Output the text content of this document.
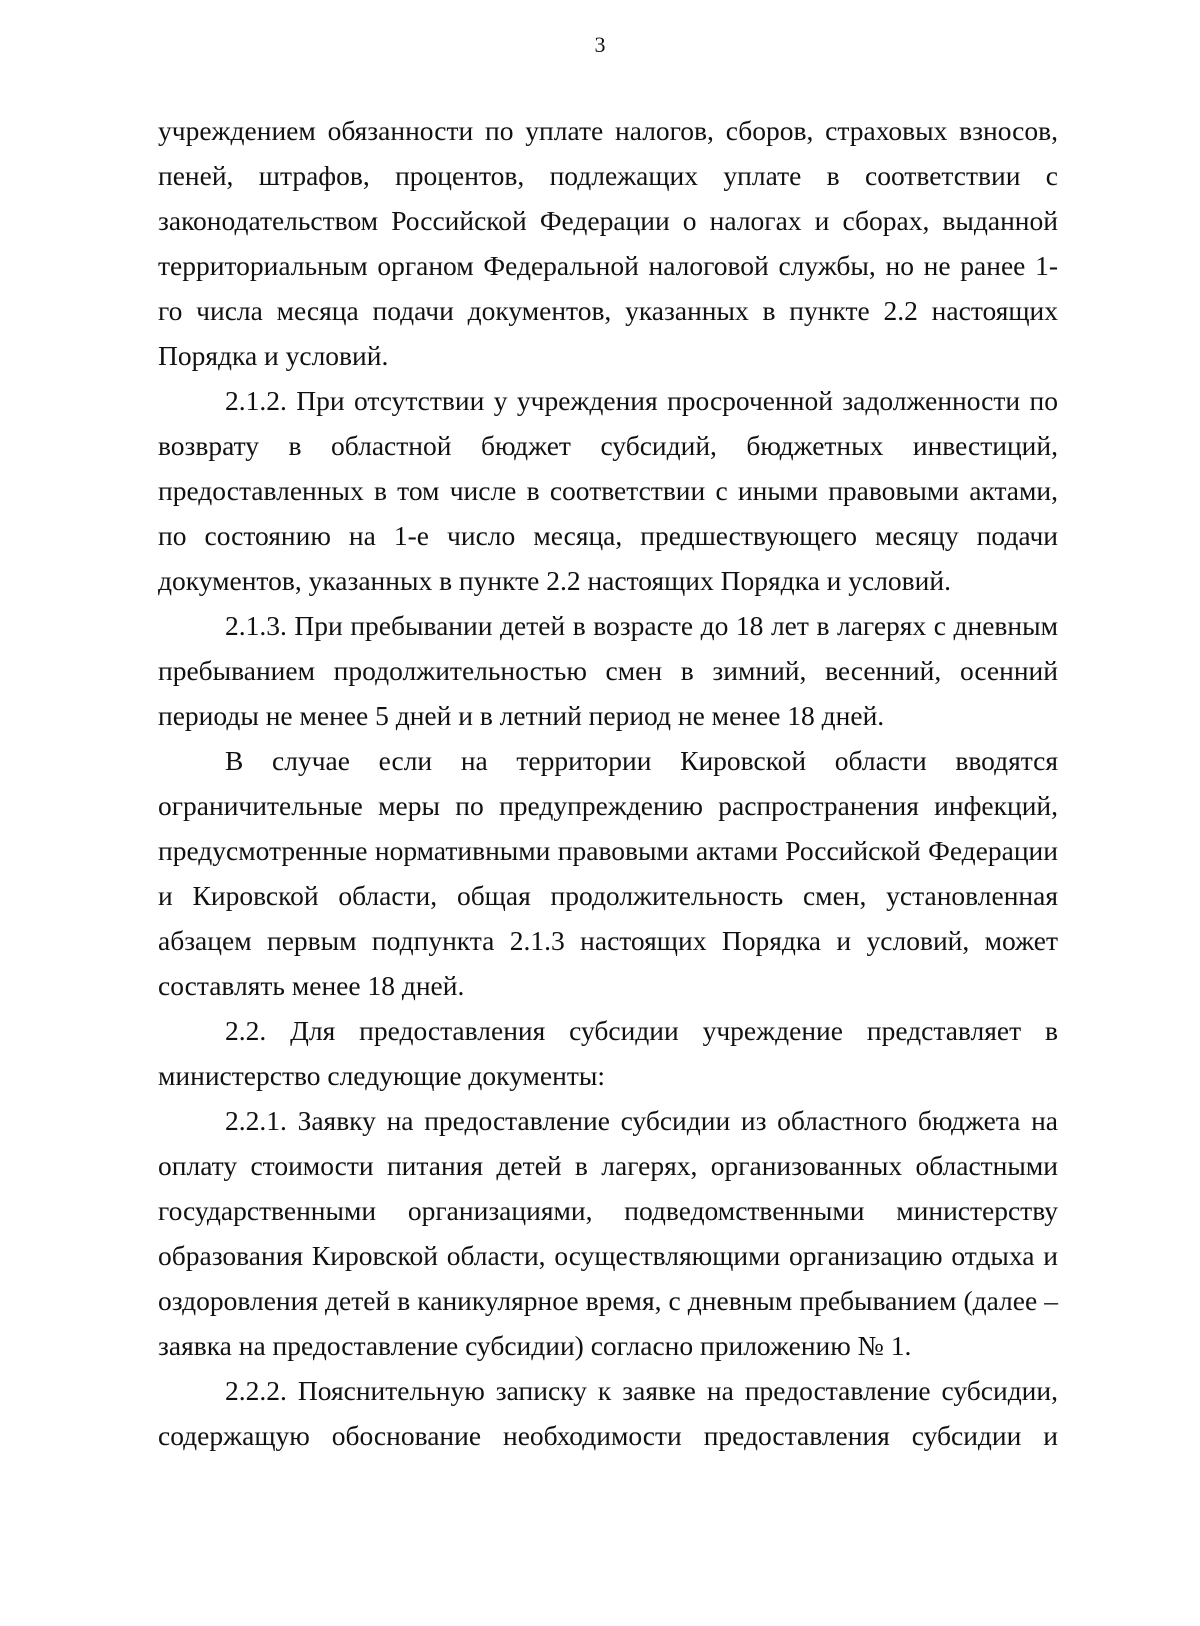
3

учреждением обязанности по уплате налогов, сборов, страховых взносов, пеней, штрафов, процентов, подлежащих уплате в соответствии с законодательством Российской Федерации о налогах и сборах, выданной территориальным органом Федеральной налоговой службы, но не ранее 1-го числа месяца подачи документов, указанных в пункте 2.2 настоящих Порядка и условий.

2.1.2. При отсутствии у учреждения просроченной задолженности по возврату в областной бюджет субсидий, бюджетных инвестиций, предоставленных в том числе в соответствии с иными правовыми актами, по состоянию на 1-е число месяца, предшествующего месяцу подачи документов, указанных в пункте 2.2 настоящих Порядка и условий.

2.1.3. При пребывании детей в возрасте до 18 лет в лагерях с дневным пребыванием продолжительностью смен в зимний, весенний, осенний периоды не менее 5 дней и в летний период не менее 18 дней.

В случае если на территории Кировской области вводятся ограничительные меры по предупреждению распространения инфекций, предусмотренные нормативными правовыми актами Российской Федерации и Кировской области, общая продолжительность смен, установленная абзацем первым подпункта 2.1.3 настоящих Порядка и условий, может составлять менее 18 дней.

2.2. Для предоставления субсидии учреждение представляет в министерство следующие документы:

2.2.1. Заявку на предоставление субсидии из областного бюджета на оплату стоимости питания детей в лагерях, организованных областными государственными организациями, подведомственными министерству образования Кировской области, осуществляющими организацию отдыха и оздоровления детей в каникулярное время, с дневным пребыванием (далее – заявка на предоставление субсидии) согласно приложению № 1.

2.2.2. Пояснительную записку к заявке на предоставление субсидии, содержащую обоснование необходимости предоставления субсидии и
